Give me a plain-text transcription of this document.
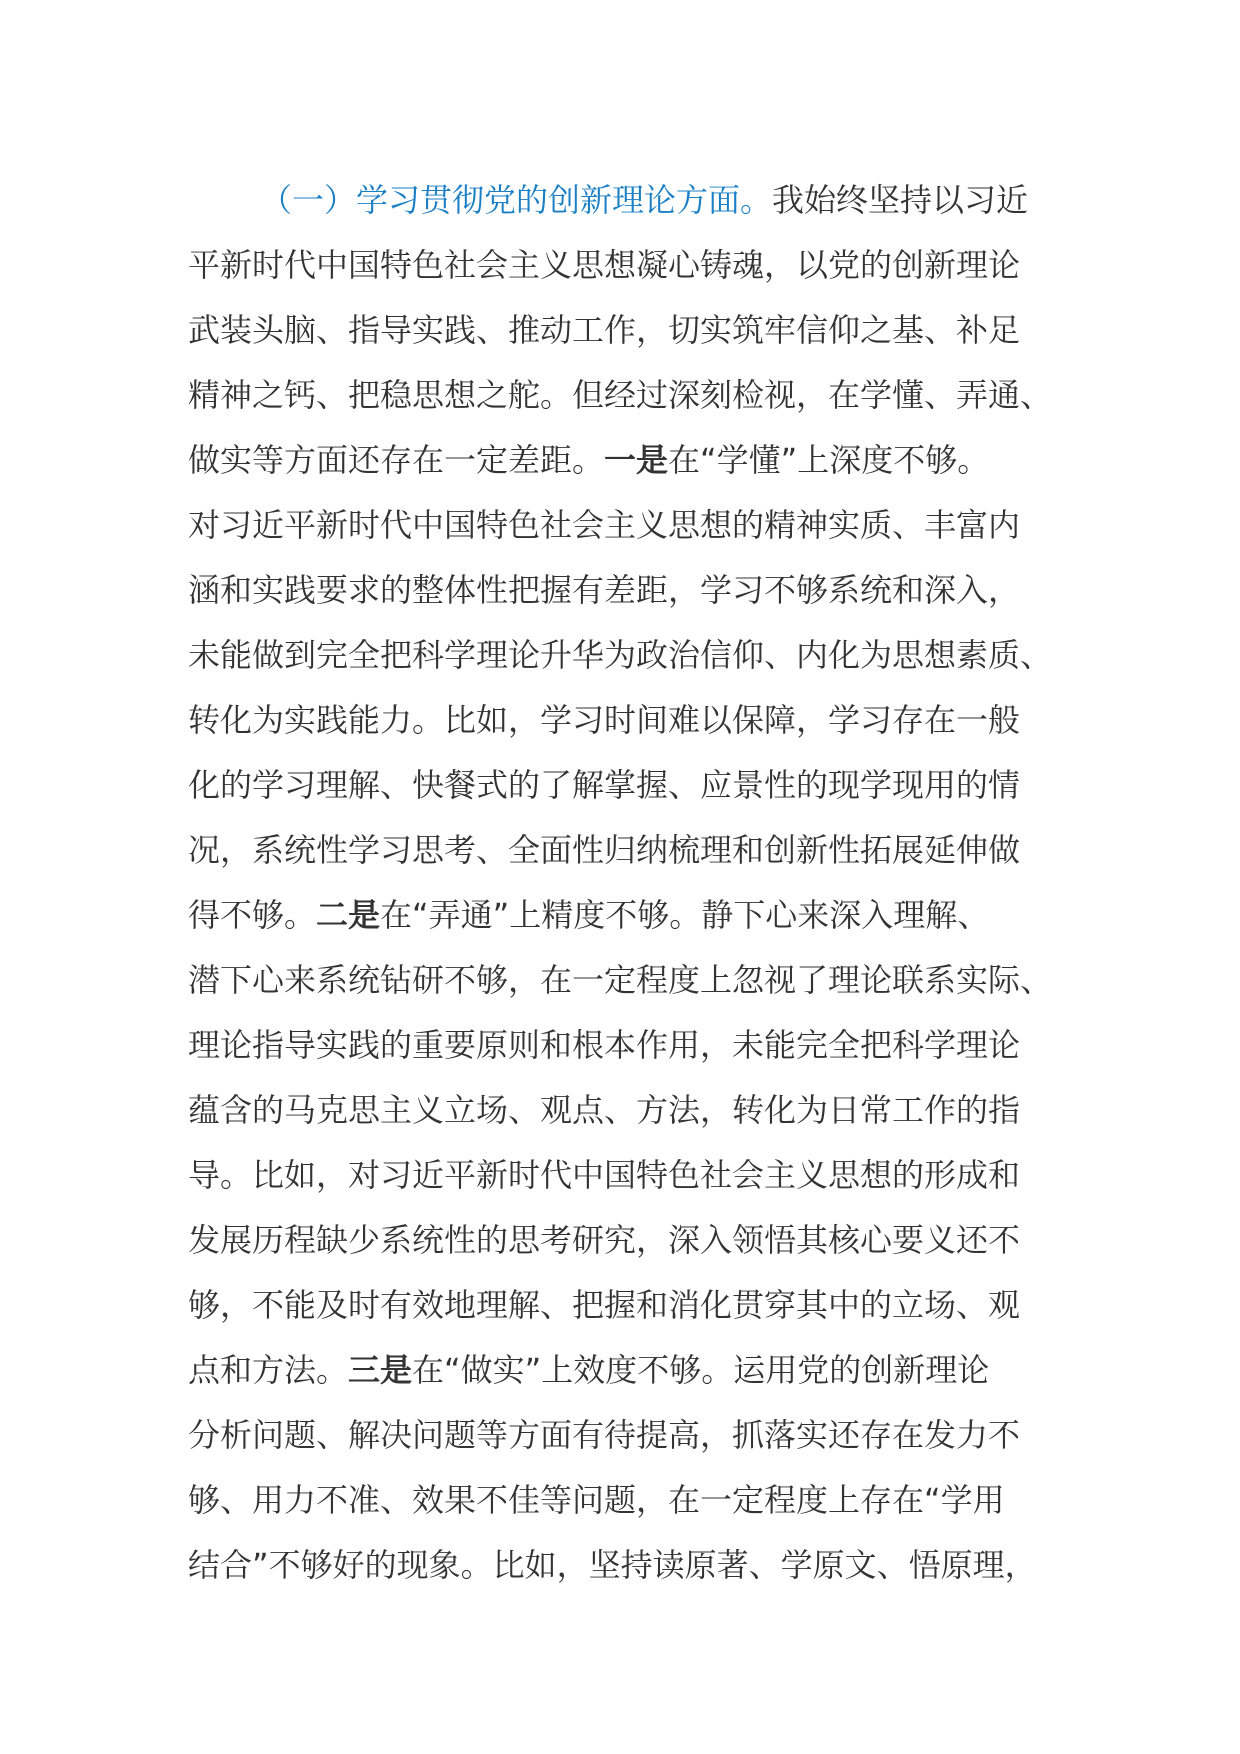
（一）学习贯彻党的创新理论方面。我始终坚持以习近
平新时代中国特色社会主义思想凝心铸魂，以党的创新理论
武装头脑、指导实践、推动工作，切实筑牢信仰之基、补足
精神之钙、把稳思想之舵。但经过深刻检视，在学懂、弄通、
做实等方面还存在一定差距。一是在“学懂”上深度不够。
对习近平新时代中国特色社会主义思想的精神实质、丰富内
涵和实践要求的整体性把握有差距，学习不够系统和深入，
未能做到完全把科学理论升华为政治信仰、内化为思想素质、
转化为实践能力。比如，学习时间难以保障，学习存在一般
化的学习理解、快餐式的了解掌握、应景性的现学现用的情
况，系统性学习思考、全面性归纳梳理和创新性拓展延伸做
得不够。二是在“弄通”上精度不够。静下心来深入理解、
潜下心来系统钻研不够，在一定程度上忽视了理论联系实际、
理论指导实践的重要原则和根本作用，未能完全把科学理论
蕴含的马克思主义立场、观点、方法，转化为日常工作的指
导。比如，对习近平新时代中国特色社会主义思想的形成和
发展历程缺少系统性的思考研究，深入领悟其核心要义还不
够，不能及时有效地理解、把握和消化贯穿其中的立场、观
点和方法。三是在“做实”上效度不够。运用党的创新理论
分析问题、解决问题等方面有待提高，抓落实还存在发力不
够、用力不准、效果不佳等问题，在一定程度上存在“学用
结合”不够好的现象。比如，坚持读原著、学原文、悟原理，
